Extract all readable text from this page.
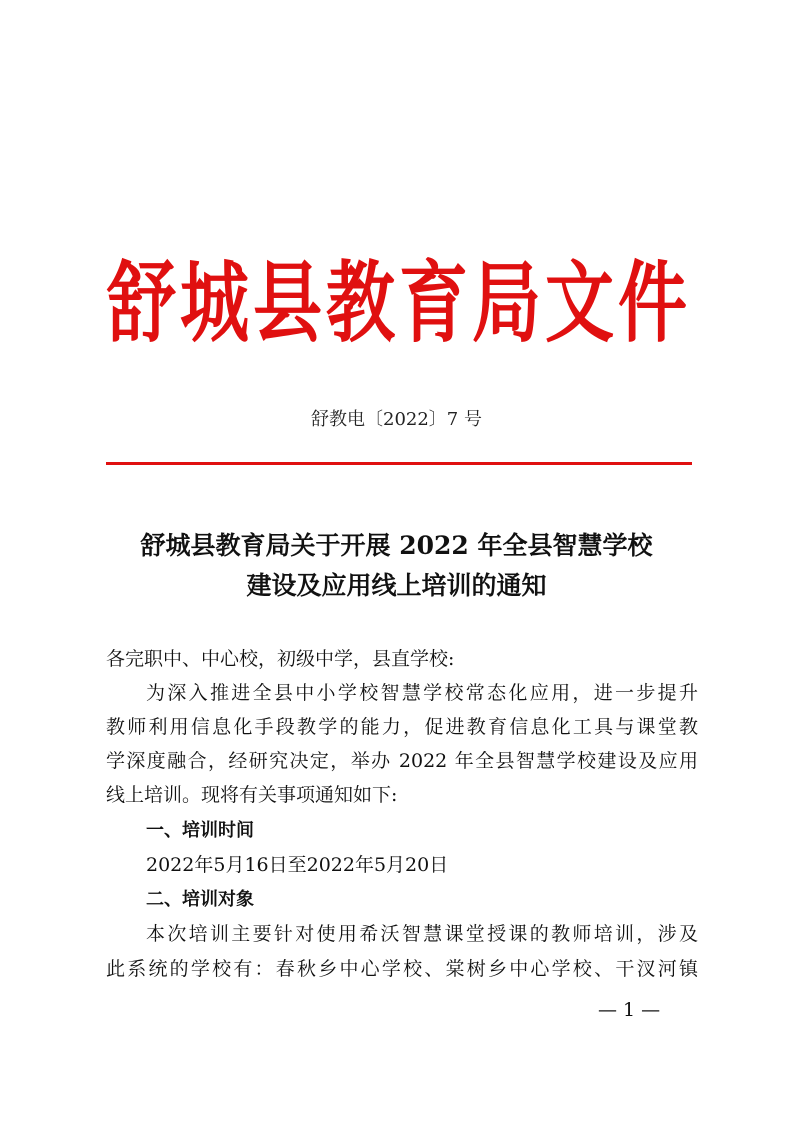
舒城县教育局文件
舒教电〔2022〕7 号
舒城县教育局关于开展 2022 年全县智慧学校
建设及应用线上培训的通知
各完职中、中心校，初级中学，县直学校:
为深入推进全县中小学校智慧学校常态化应用，进一步提升
教师利用信息化手段教学的能力，促进教育信息化工具与课堂教
学深度融合，经研究决定，举办 2022 年全县智慧学校建设及应用
线上培训。现将有关事项通知如下:
一、培训时间
2022年5月16日至2022年5月20日
二、培训对象
本次培训主要针对使用希沃智慧课堂授课的教师培训，涉及
此系统的学校有：春秋乡中心学校、棠树乡中心学校、干汊河镇
— 1 —
